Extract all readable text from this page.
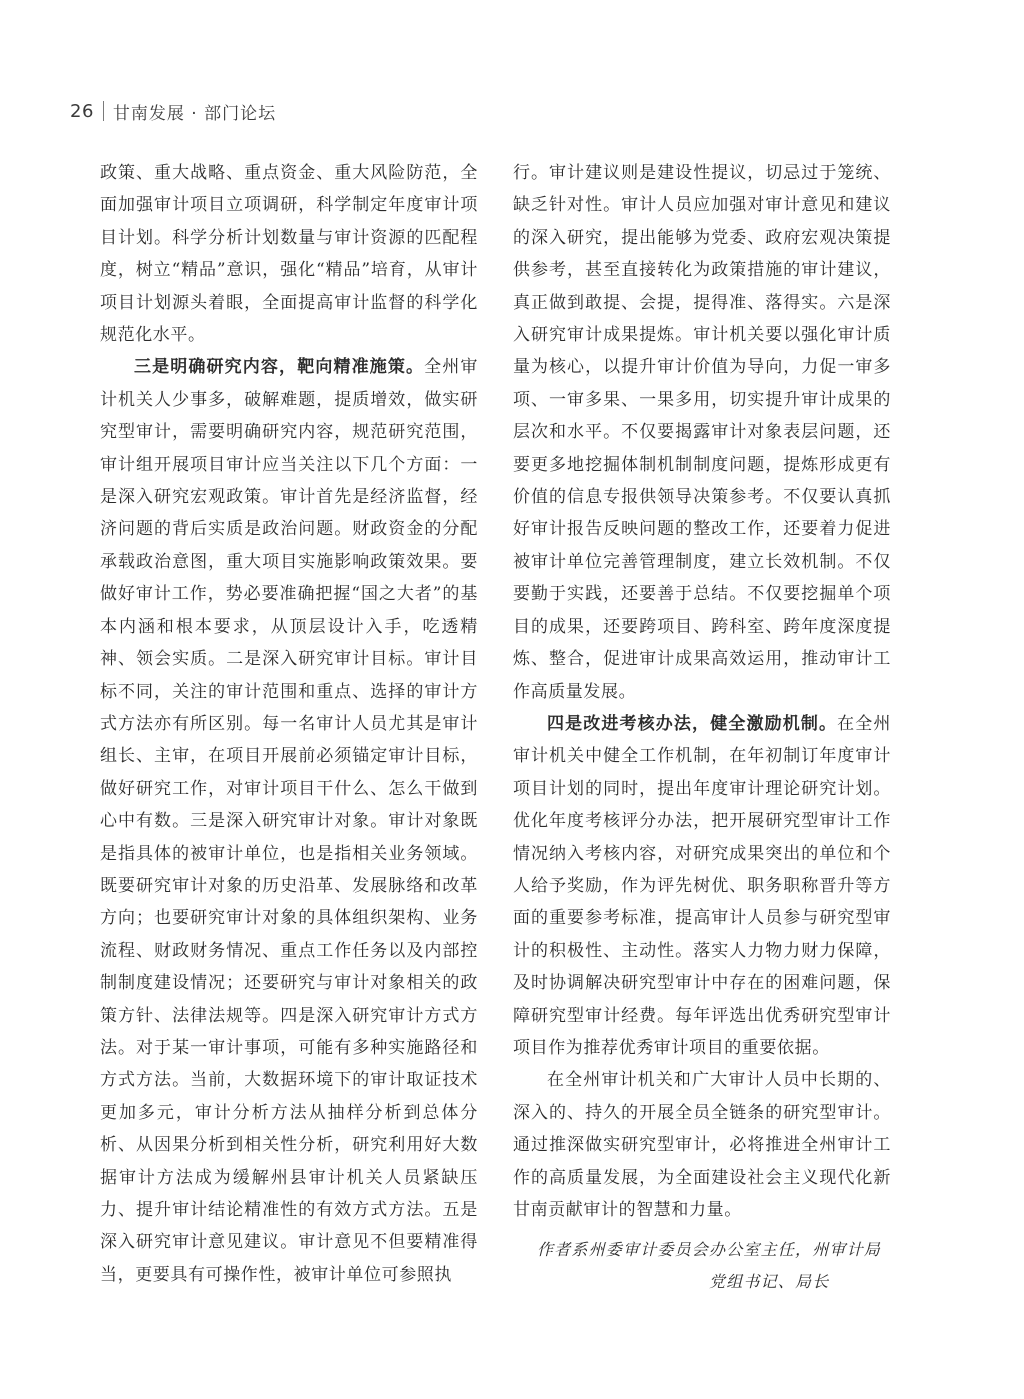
26 甘南发展 · 部门论坛

政策、重大战略、重点资金、重大风险防范，全面加强审计项目立项调研，科学制定年度审计项目计划。科学分析计划数量与审计资源的匹配程度，树立“精品”意识，强化“精品”培育，从审计项目计划源头着眼，全面提高审计监督的科学化规范化水平。

三是明确研究内容，靶向精准施策。全州审计机关人少事多，破解难题，提质增效，做实研究型审计，需要明确研究内容，规范研究范围，审计组开展项目审计应当关注以下几个方面：一是深入研究宏观政策。审计首先是经济监督，经济问题的背后实质是政治问题。财政资金的分配承载政治意图，重大项目实施影响政策效果。要做好审计工作，势必要准确把握“国之大者”的基本内涵和根本要求，从顶层设计入手，吃透精神、领会实质。二是深入研究审计目标。审计目标不同，关注的审计范围和重点、选择的审计方式方法亦有所区别。每一名审计人员尤其是审计组长、主审，在项目开展前必须锚定审计目标，做好研究工作，对审计项目干什么、怎么干做到心中有数。三是深入研究审计对象。审计对象既是指具体的被审计单位，也是指相关业务领域。既要研究审计对象的历史沿革、发展脉络和改革方向；也要研究审计对象的具体组织架构、业务流程、财政财务情况、重点工作任务以及内部控制制度建设情况；还要研究与审计对象相关的政策方针、法律法规等。四是深入研究审计方式方法。对于某一审计事项，可能有多种实施路径和方式方法。当前，大数据环境下的审计取证技术更加多元，审计分析方法从抽样分析到总体分析、从因果分析到相关性分析，研究利用好大数据审计方法成为缓解州县审计机关人员紧缺压力、提升审计结论精准性的有效方式方法。五是深入研究审计意见建议。审计意见不但要精准得当，更要具有可操作性，被审计单位可参照执

行。审计建议则是建设性提议，切忌过于笼统、缺乏针对性。审计人员应加强对审计意见和建议的深入研究，提出能够为党委、政府宏观决策提供参考，甚至直接转化为政策措施的审计建议，真正做到敢提、会提，提得准、落得实。六是深入研究审计成果提炼。审计机关要以强化审计质量为核心，以提升审计价值为导向，力促一审多项、一审多果、一果多用，切实提升审计成果的层次和水平。不仅要揭露审计对象表层问题，还要更多地挖掘体制机制制度问题，提炼形成更有价值的信息专报供领导决策参考。不仅要认真抓好审计报告反映问题的整改工作，还要着力促进被审计单位完善管理制度，建立长效机制。不仅要勤于实践，还要善于总结。不仅要挖掘单个项目的成果，还要跨项目、跨科室、跨年度深度提炼、整合，促进审计成果高效运用，推动审计工作高质量发展。

四是改进考核办法，健全激励机制。在全州审计机关中健全工作机制，在年初制订年度审计项目计划的同时，提出年度审计理论研究计划。优化年度考核评分办法，把开展研究型审计工作情况纳入考核内容，对研究成果突出的单位和个人给予奖励，作为评先树优、职务职称晋升等方面的重要参考标准，提高审计人员参与研究型审计的积极性、主动性。落实人力物力财力保障，及时协调解决研究型审计中存在的困难问题，保障研究型审计经费。每年评选出优秀研究型审计项目作为推荐优秀审计项目的重要依据。

在全州审计机关和广大审计人员中长期的、深入的、持久的开展全员全链条的研究型审计。通过推深做实研究型审计，必将推进全州审计工作的高质量发展，为全面建设社会主义现代化新甘南贡献审计的智慧和力量。

作者系州委审计委员会办公室主任，州审计局
党组书记、局长
